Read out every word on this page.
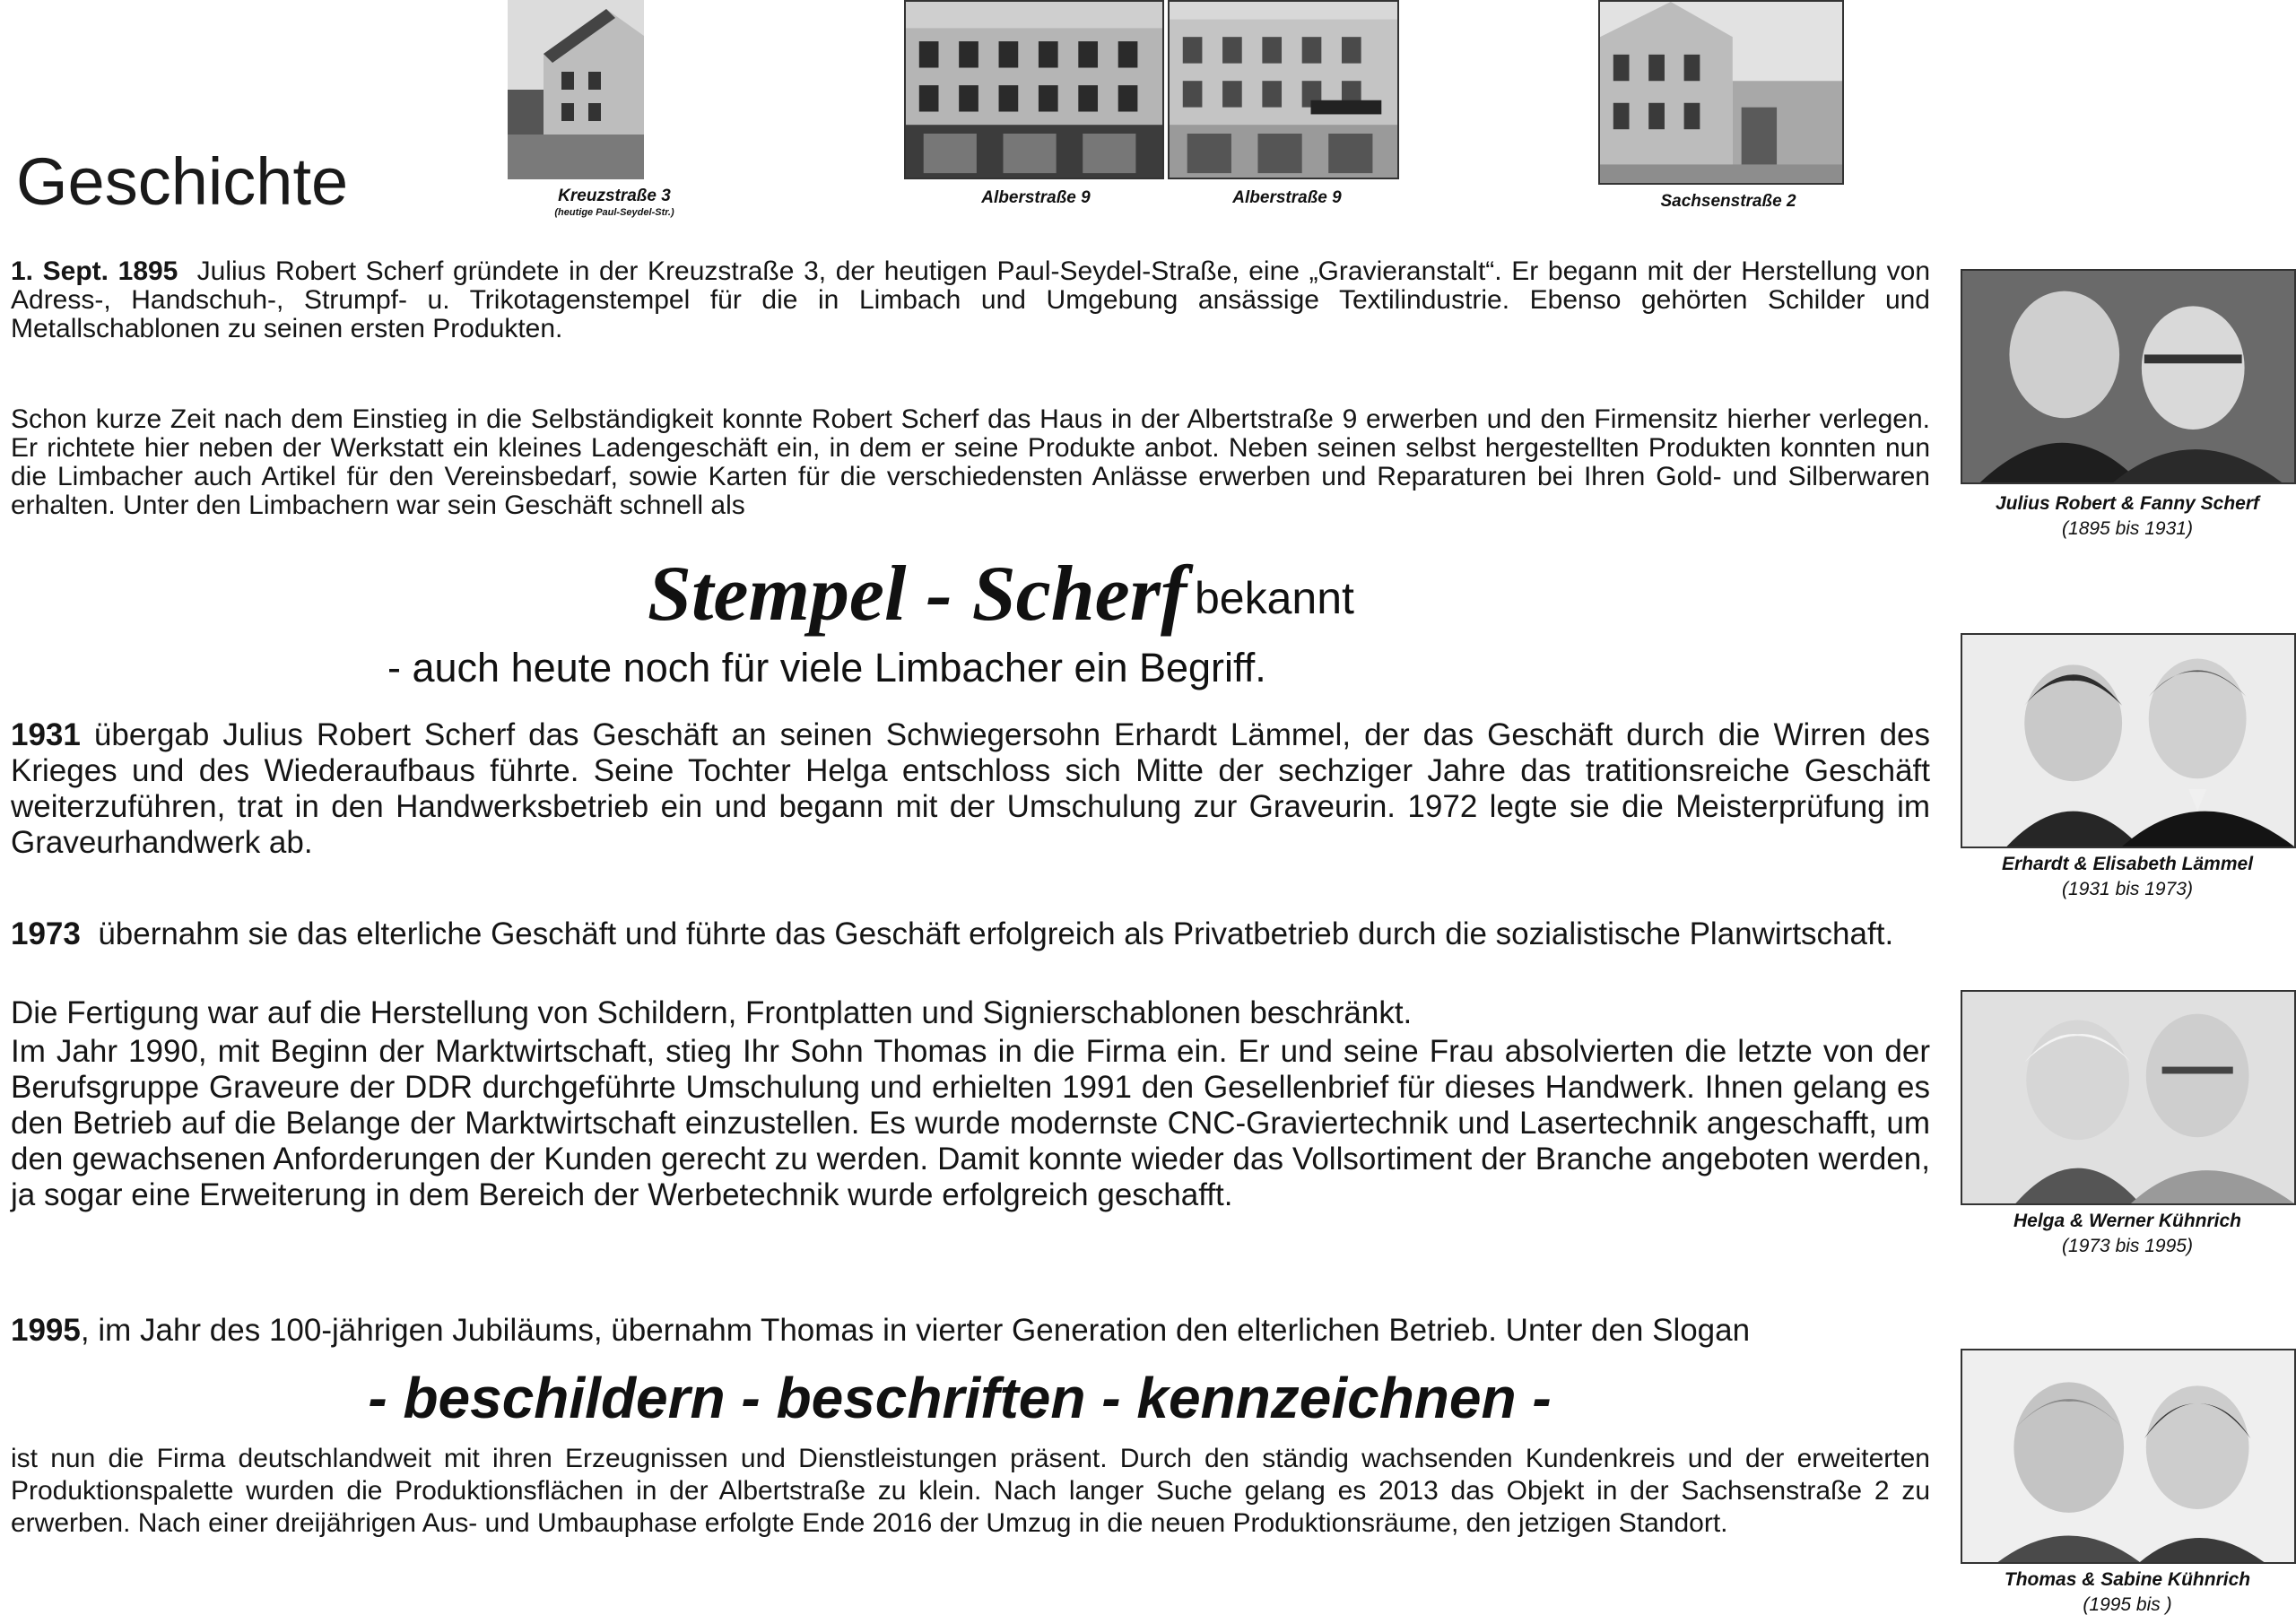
Geschichte	Kreuzstraße 3
(heutige Paul-Seydel-Str.)
Alberstraße 9	Alberstraße 9	Sachsenstraße 2
1. Sept. 1895 Julius Robert Scherf gründete in der Kreuzstraße 3, der heutigen Paul-Seydel-Straße, eine „Gravieranstalt“. Er begann mit der Herstellung von Adress-, Handschuh-, Strumpf- u. Trikotagenstempel für die in Limbach und Umgebung ansässige Textilindustrie. Ebenso gehörten Schilder und Metallschablonen zu seinen ersten Produkten.
Schon kurze Zeit nach dem Einstieg in die Selbständigkeit konnte Robert Scherf das Haus in der Albertstraße 9 erwerben und den Firmensitz hierher verlegen. Er richtete hier neben der Werkstatt ein kleines Ladengeschäft ein, in dem er seine Produkte anbot. Neben seinen selbst hergestellten Produkten konnten nun die Limbacher auch Artikel für den Vereinsbedarf, sowie Karten für die verschiedensten Anlässe erwerben und Reparaturen bei Ihren Gold- und Silberwaren erhalten. Unter den Limbachern war sein Geschäft schnell als
Stempel - Scherf bekannt
- auch heute noch für viele Limbacher ein Begriff.
1931 übergab Julius Robert Scherf das Geschäft an seinen Schwiegersohn Erhardt Lämmel, der das Geschäft durch die Wirren des Krieges und des Wiederaufbaus führte. Seine Tochter Helga entschloss sich Mitte der sechziger Jahre das tratitionsreiche Geschäft weiterzuführen, trat in den Handwerksbetrieb ein und begann mit der Umschulung zur Graveurin. 1972 legte sie die Meisterprüfung im Graveurhandwerk ab.
1973 übernahm sie das elterliche Geschäft und führte das Geschäft erfolgreich als Privatbetrieb durch die sozialistische Planwirtschaft.
Die Fertigung war auf die Herstellung von Schildern, Frontplatten und Signierschablonen beschränkt.
Im Jahr 1990, mit Beginn der Marktwirtschaft, stieg Ihr Sohn Thomas in die Firma ein. Er und seine Frau absolvierten die letzte von der Berufsgruppe Graveure der DDR durchgeführte Umschulung und erhielten 1991 den Gesellenbrief für dieses Handwerk. Ihnen gelang es den Betrieb auf die Belange der Marktwirtschaft einzustellen. Es wurde modernste CNC-Graviertechnik und Lasertechnik angeschafft, um den gewachsenen Anforderungen der Kunden gerecht zu werden. Damit konnte wieder das Vollsortiment der Branche angeboten werden, ja sogar eine Erweiterung in dem Bereich der Werbetechnik wurde erfolgreich geschafft.
1995, im Jahr des 100-jährigen Jubiläums, übernahm Thomas in vierter Generation den elterlichen Betrieb. Unter den Slogan
- beschildern - beschriften - kennzeichnen -
ist nun die Firma deutschlandweit mit ihren Erzeugnissen und Dienstleistungen präsent. Durch den ständig wachsenden Kundenkreis und der erweiterten Produktionspalette wurden die Produktionsflächen in der Albertstraße zu klein. Nach langer Suche gelang es 2013 das Objekt in der Sachsenstraße 2 zu erwerben. Nach einer dreijährigen Aus- und Umbauphase erfolgte Ende 2016 der Umzug in die neuen Produktionsräume, den jetzigen Standort.
Julius Robert & Fanny Scherf
(1895 bis 1931)
Erhardt & Elisabeth Lämmel
(1931 bis 1973)
Helga & Werner Kühnrich
(1973 bis 1995)
Thomas & Sabine Kühnrich
(1995 bis )
